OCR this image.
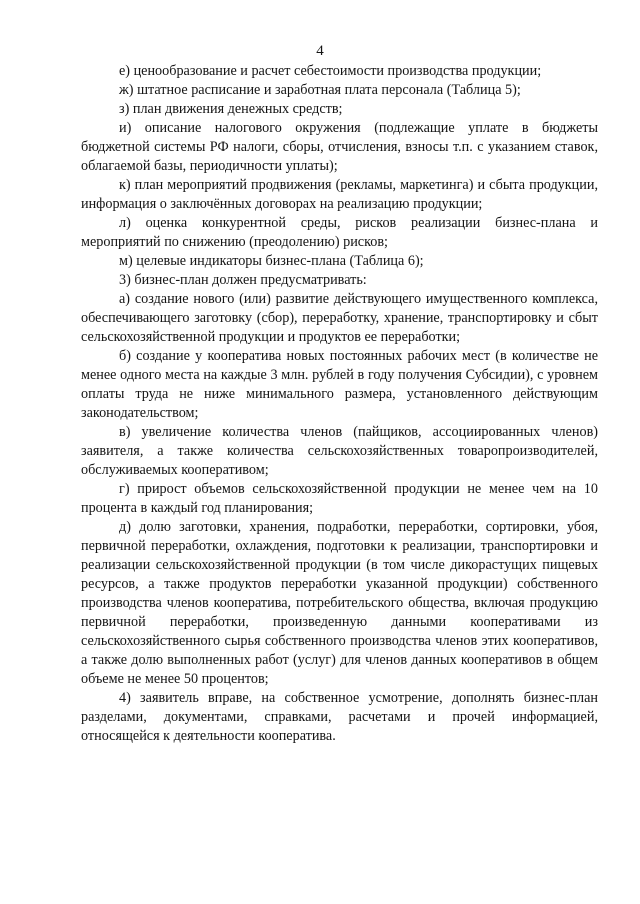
4

е) ценообразование и расчет себестоимости производства продукции;

ж) штатное расписание и заработная плата персонала (Таблица 5);

з) план движения денежных средств;

и) описание налогового окружения (подлежащие уплате в бюджеты бюджетной системы РФ налоги, сборы, отчисления, взносы т.п. с указанием ставок, облагаемой базы, периодичности уплаты);

к) план мероприятий продвижения (рекламы, маркетинга) и сбыта продукции, информация о заключённых договорах на реализацию продукции;

л) оценка конкурентной среды, рисков реализации бизнес-плана и мероприятий по снижению (преодолению) рисков;

м) целевые индикаторы бизнес-плана (Таблица 6);

3) бизнес-план должен предусматривать:

а) создание нового (или) развитие действующего имущественного комплекса, обеспечивающего заготовку (сбор), переработку, хранение, транспортировку и сбыт сельскохозяйственной продукции и продуктов ее переработки;

б) создание у кооператива новых постоянных рабочих мест (в количестве не менее одного места на каждые 3 млн. рублей в году получения Субсидии), с уровнем оплаты труда не ниже минимального размера, установленного действующим законодательством;

в) увеличение количества членов (пайщиков, ассоциированных членов) заявителя, а также количества сельскохозяйственных товаропроизводителей, обслуживаемых кооперативом;

г) прирост объемов сельскохозяйственной продукции не менее чем на 10 процента в каждый год планирования;

д) долю заготовки, хранения, подработки, переработки, сортировки, убоя, первичной переработки, охлаждения, подготовки к реализации, транспортировки и реализации сельскохозяйственной продукции (в том числе дикорастущих пищевых ресурсов, а также продуктов переработки указанной продукции) собственного производства членов кооператива, потребительского общества, включая продукцию первичной переработки, произведенную данными кооперативами из сельскохозяйственного сырья собственного производства членов этих кооперативов, а также долю выполненных работ (услуг) для членов данных кооперативов в общем объеме не менее 50 процентов;

4) заявитель вправе, на собственное усмотрение, дополнять бизнес-план разделами, документами, справками, расчетами и прочей информацией, относящейся к деятельности кооператива.
